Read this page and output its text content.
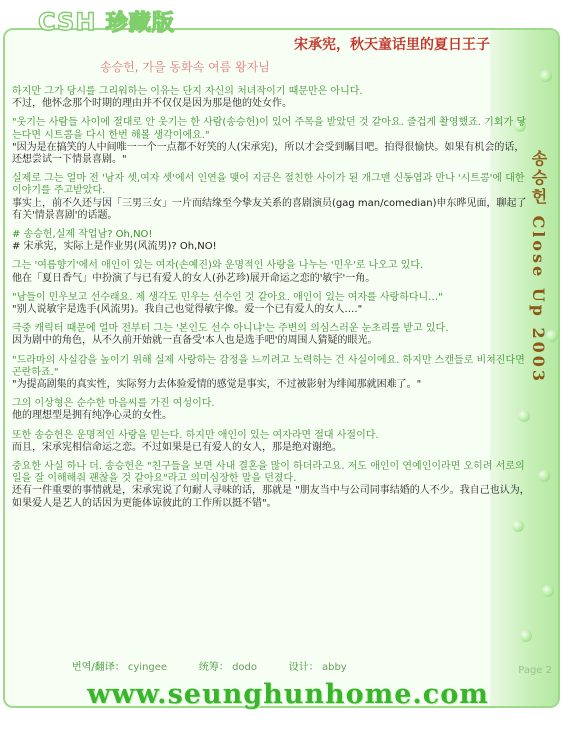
CSH 珍藏版
宋承宪，秋天童话里的夏日王子
송승헌, 가을 동화속 여름 왕자님
송승헌 Close Up 2003
하지만 그가 당시를 그리워하는 이유는 단지 자신의 처녀작이기 때문만은 아니다.
不过，他怀念那个时期的理由并不仅仅是因为那是他的处女作。
"웃기는 사람들 사이에 절대로 안 웃기는 한 사람(송승헌)이 있어 주목을 받았던 것 같아요. 즐겁게 촬영했죠. 기회가 닿는다면 시트콤을 다시 한번 해볼 생각이에요."
"因为是在搞笑的人中间唯一一个一点都不好笑的人(宋承宪)，所以才会受到瞩目吧。拍得很愉快。如果有机会的话，还想尝试一下情景喜剧。"
실제로 그는 얼마 전 '남자 셋,여자 셋'에서 인연을 맺어 지금은 절친한 사이가 된 개그맨 신동엽과 만나 '시트콤'에 대한 이야기를 주고받았다.
事实上，前不久还与因「三男三女」一片而结缘至今挚友关系的喜剧演员(gag man/comedian)申东晔见面，聊起了有关'情景喜剧'的话题。
# 송승헌,실제 작업남? Oh,NO!
# 宋承宪，实际上是作业男(风流男)? Oh,NO!
그는 '여름향기'에서 애인이 있는 여자(손예진)와 운명적인 사랑을 나누는 '민우'로 나오고 있다.
他在「夏日香气」中扮演了与已有爱人的女人(孙艺珍)展开命运之恋的'敏宇'一角。
"남들이 민우보고 선수래요. 제 생각도 민우는 선수인 것 같아요. 애인이 있는 여자를 사랑하다니…"
"别人说敏宇是选手(风流男)。我自己也觉得敏宇像。爱一个已有爱人的女人…."
극중 캐릭터 때문에 얼마 전부터 그는 '본인도 선수 아니냐'는 주변의 의심스러운 눈초리를 받고 있다.
因为剧中的角色，从不久前开始就一直备受'本人也是选手吧'的周围人猜疑的眼光。
"드라마의 사실감을 높이기 위해 실제 사랑하는 감정을 느끼려고 노력하는 건 사실이에요. 하지만 스캔들로 비쳐진다면 곤란하죠."
"为提高剧集的真实性，实际努力去体验爱情的感觉是事实，不过被影射为绯闻那就困难了。"
그의 이상형은 순수한 마음씨를 가진 여성이다.
他的理想型是拥有纯净心灵的女性。
또한 송승헌은 운명적인 사랑을 믿는다. 하지만 애인이 있는 여자라면 절대 사절이다.
而且，宋承宪相信命运之恋。不过如果是已有爱人的女人，那是绝对谢绝。
중요한 사실 하나 더. 송승헌은 "친구들을 보면 사내 결혼을 많이 하더라고요. 저도 애인이 연예인이라면 오히려 서로의 일을 잘 이해해줘 괜찮을 것 같아요"라고 의미심장한 말을 던졌다.
还有一件重要的事情就是，宋承宪说了句耐人寻味的话，那就是 "朋友当中与公司同事结婚的人不少。我自己也认为，如果爱人是艺人的话因为更能体谅彼此的工作所以挺不错"。
번역/翻译： cyingee	统筹： dodo	设计： abby	Page 2
www.seunghunhome.com
